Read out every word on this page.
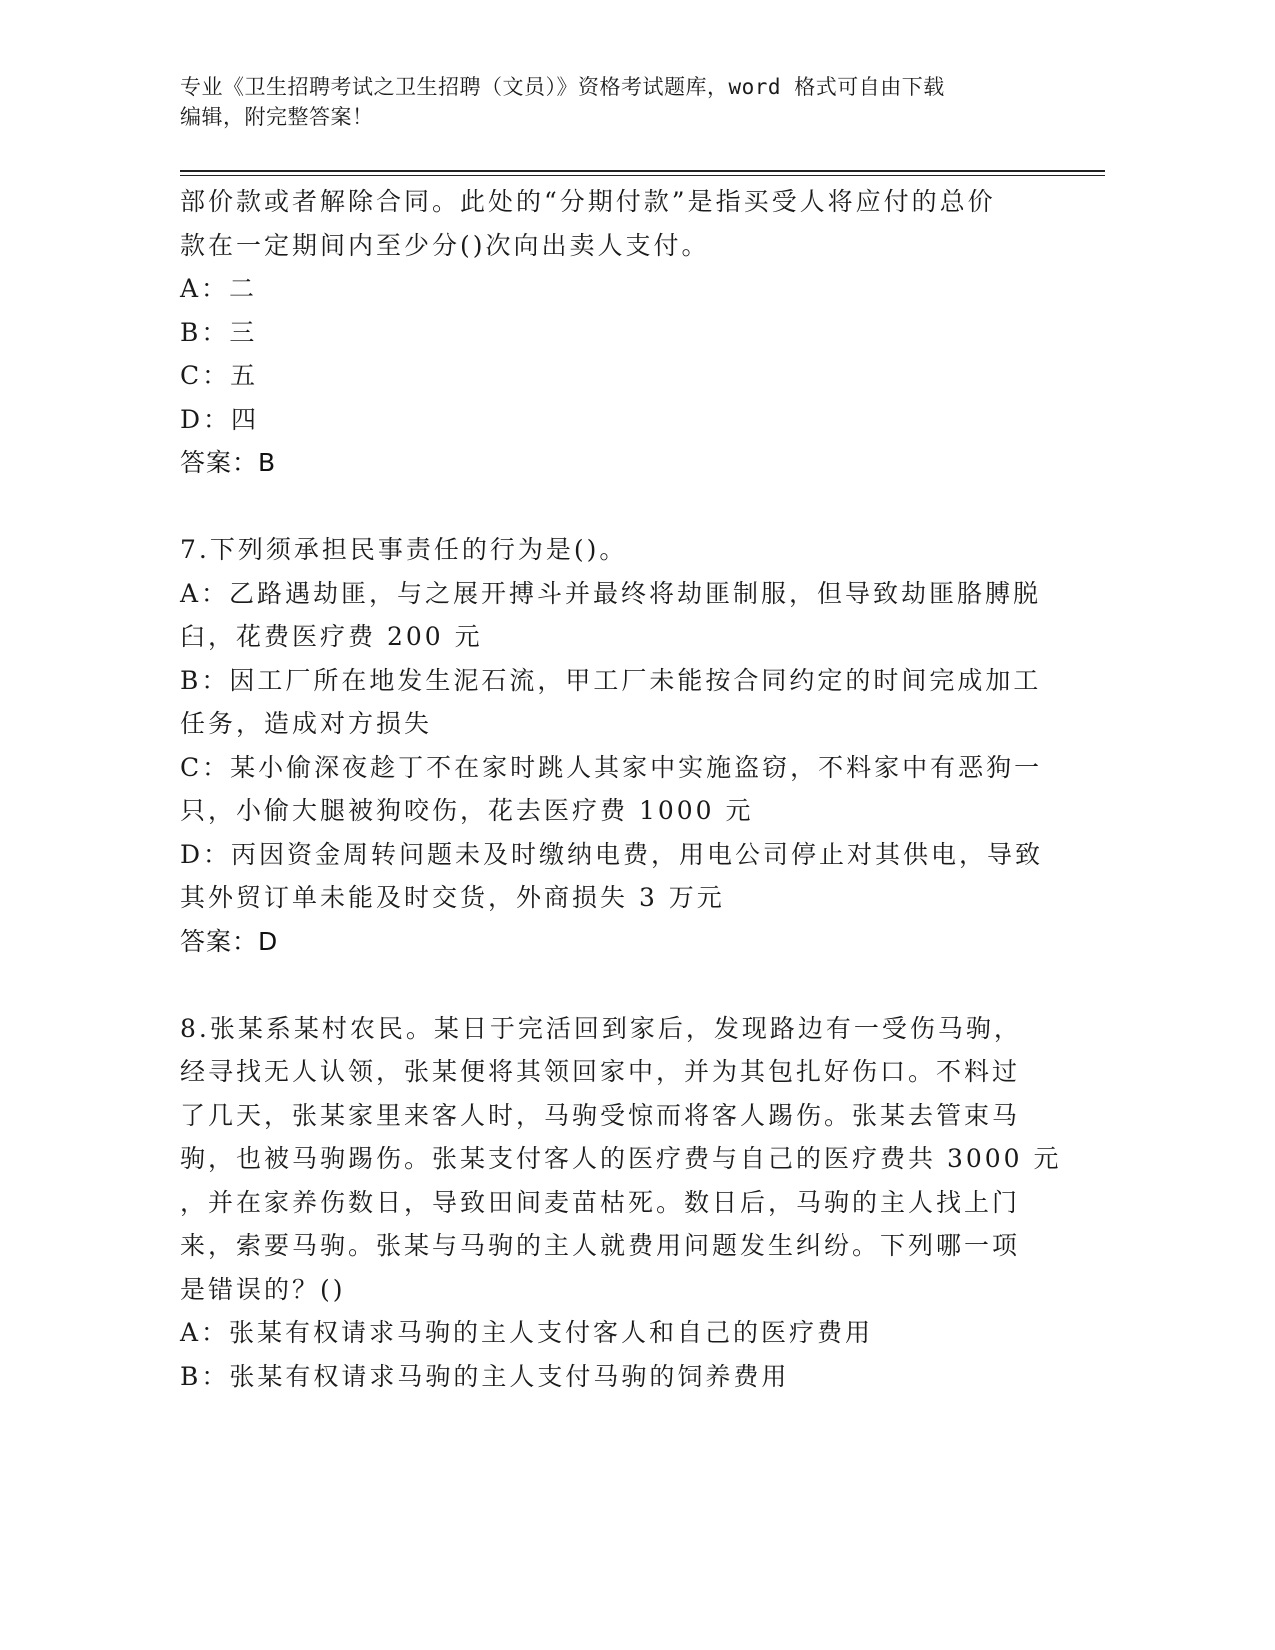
专业《卫生招聘考试之卫生招聘（文员）》资格考试题库，word 格式可自由下载
编辑，附完整答案！
部价款或者解除合同。此处的“分期付款”是指买受人将应付的总价
款在一定期间内至少分()次向出卖人支付。
A：二
B：三
C：五
D：四
答案：B
7.下列须承担民事责任的行为是()。
A：乙路遇劫匪，与之展开搏斗并最终将劫匪制服，但导致劫匪胳膊脱
臼，花费医疗费 200 元
B：因工厂所在地发生泥石流，甲工厂未能按合同约定的时间完成加工
任务，造成对方损失
C：某小偷深夜趁丁不在家时跳人其家中实施盗窃，不料家中有恶狗一
只，小偷大腿被狗咬伤，花去医疗费 1000 元
D：丙因资金周转问题未及时缴纳电费，用电公司停止对其供电，导致
其外贸订单未能及时交货，外商损失 3 万元
答案：D
8.张某系某村农民。某日于完活回到家后，发现路边有一受伤马驹，
经寻找无人认领，张某便将其领回家中，并为其包扎好伤口。不料过
了几天，张某家里来客人时，马驹受惊而将客人踢伤。张某去管束马
驹，也被马驹踢伤。张某支付客人的医疗费与自己的医疗费共 3000 元
，并在家养伤数日，导致田间麦苗枯死。数日后，马驹的主人找上门
来，索要马驹。张某与马驹的主人就费用问题发生纠纷。下列哪一项
是错误的？()
A：张某有权请求马驹的主人支付客人和自己的医疗费用
B：张某有权请求马驹的主人支付马驹的饲养费用
